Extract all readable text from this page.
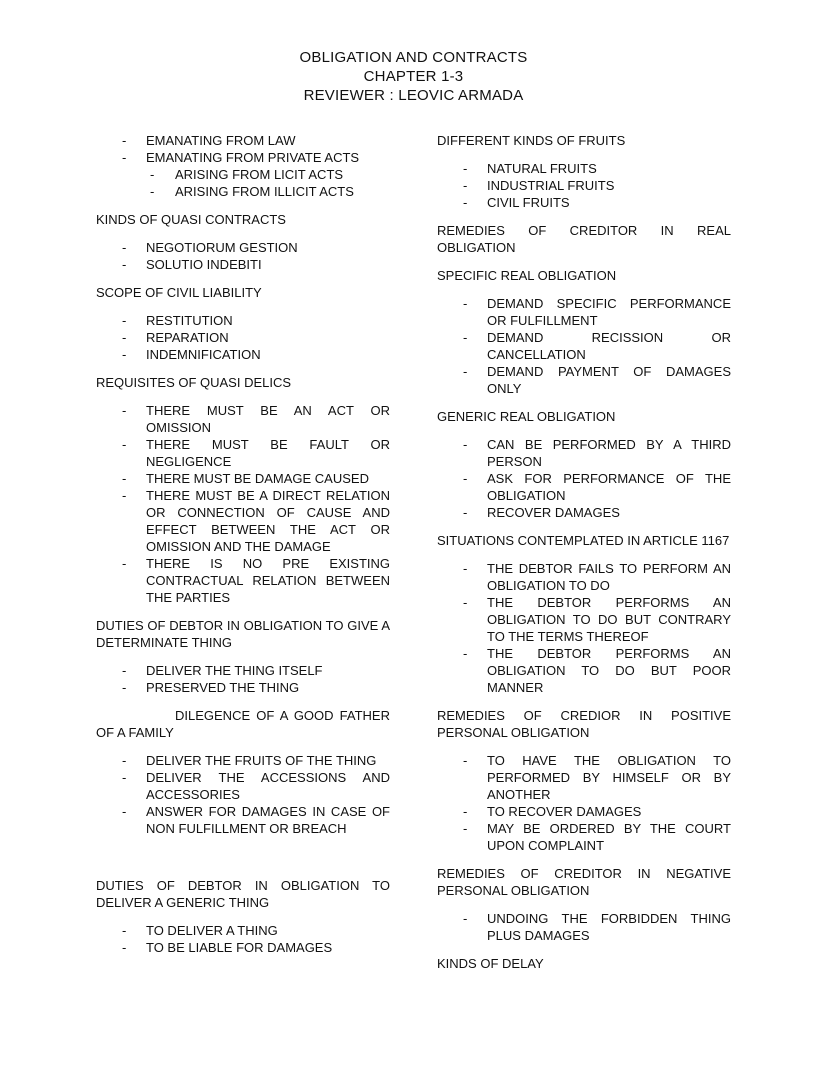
OBLIGATION AND CONTRACTS
CHAPTER 1-3
REVIEWER : LEOVIC ARMADA
-	EMANATING FROM LAW
-	EMANATING FROM PRIVATE ACTS
-	ARISING FROM LICIT ACTS
-	ARISING FROM ILLICIT ACTS
KINDS OF QUASI CONTRACTS
-	NEGOTIORUM GESTION
-	SOLUTIO INDEBITI
SCOPE OF CIVIL LIABILITY
-	RESTITUTION
-	REPARATION
-	INDEMNIFICATION
REQUISITES OF QUASI DELICS
-	THERE MUST BE AN ACT OR OMISSION
-	THERE MUST BE FAULT OR NEGLIGENCE
-	THERE MUST BE DAMAGE CAUSED
-	THERE MUST BE A DIRECT RELATION OR CONNECTION OF CAUSE AND EFFECT BETWEEN THE ACT OR OMISSION AND THE DAMAGE
-	THERE IS NO PRE EXISTING CONTRACTUAL RELATION BETWEEN THE PARTIES
DUTIES OF DEBTOR IN OBLIGATION TO GIVE A DETERMINATE THING
-	DELIVER THE THING ITSELF
-	PRESERVED THE THING
DILEGENCE OF A GOOD FATHER OF A FAMILY
-	DELIVER THE FRUITS OF THE THING
-	DELIVER THE ACCESSIONS AND ACCESSORIES
-	ANSWER FOR DAMAGES IN CASE OF NON FULFILLMENT OR BREACH
DUTIES OF DEBTOR IN OBLIGATION TO DELIVER A GENERIC THING
-	TO DELIVER A THING
-	TO BE LIABLE FOR DAMAGES
DIFFERENT KINDS OF FRUITS
-	NATURAL FRUITS
-	INDUSTRIAL FRUITS
-	CIVIL FRUITS
REMEDIES OF CREDITOR IN REAL OBLIGATION
SPECIFIC REAL OBLIGATION
-	DEMAND SPECIFIC PERFORMANCE OR FULFILLMENT
-	DEMAND RECISSION OR CANCELLATION
-	DEMAND PAYMENT OF DAMAGES ONLY
GENERIC REAL OBLIGATION
-	CAN BE PERFORMED BY A THIRD PERSON
-	ASK FOR PERFORMANCE OF THE OBLIGATION
-	RECOVER DAMAGES
SITUATIONS CONTEMPLATED IN ARTICLE 1167
-	THE DEBTOR FAILS TO PERFORM AN OBLIGATION TO DO
-	THE DEBTOR PERFORMS AN OBLIGATION TO DO BUT CONTRARY TO THE TERMS THEREOF
-	THE DEBTOR PERFORMS AN OBLIGATION TO DO BUT POOR MANNER
REMEDIES OF CREDIOR IN POSITIVE PERSONAL OBLIGATION
-	TO HAVE THE OBLIGATION TO PERFORMED BY HIMSELF OR BY ANOTHER
-	TO RECOVER DAMAGES
-	MAY BE ORDERED BY THE COURT UPON COMPLAINT
REMEDIES OF CREDITOR IN NEGATIVE PERSONAL OBLIGATION
-	UNDOING THE FORBIDDEN THING PLUS DAMAGES
KINDS OF DELAY
